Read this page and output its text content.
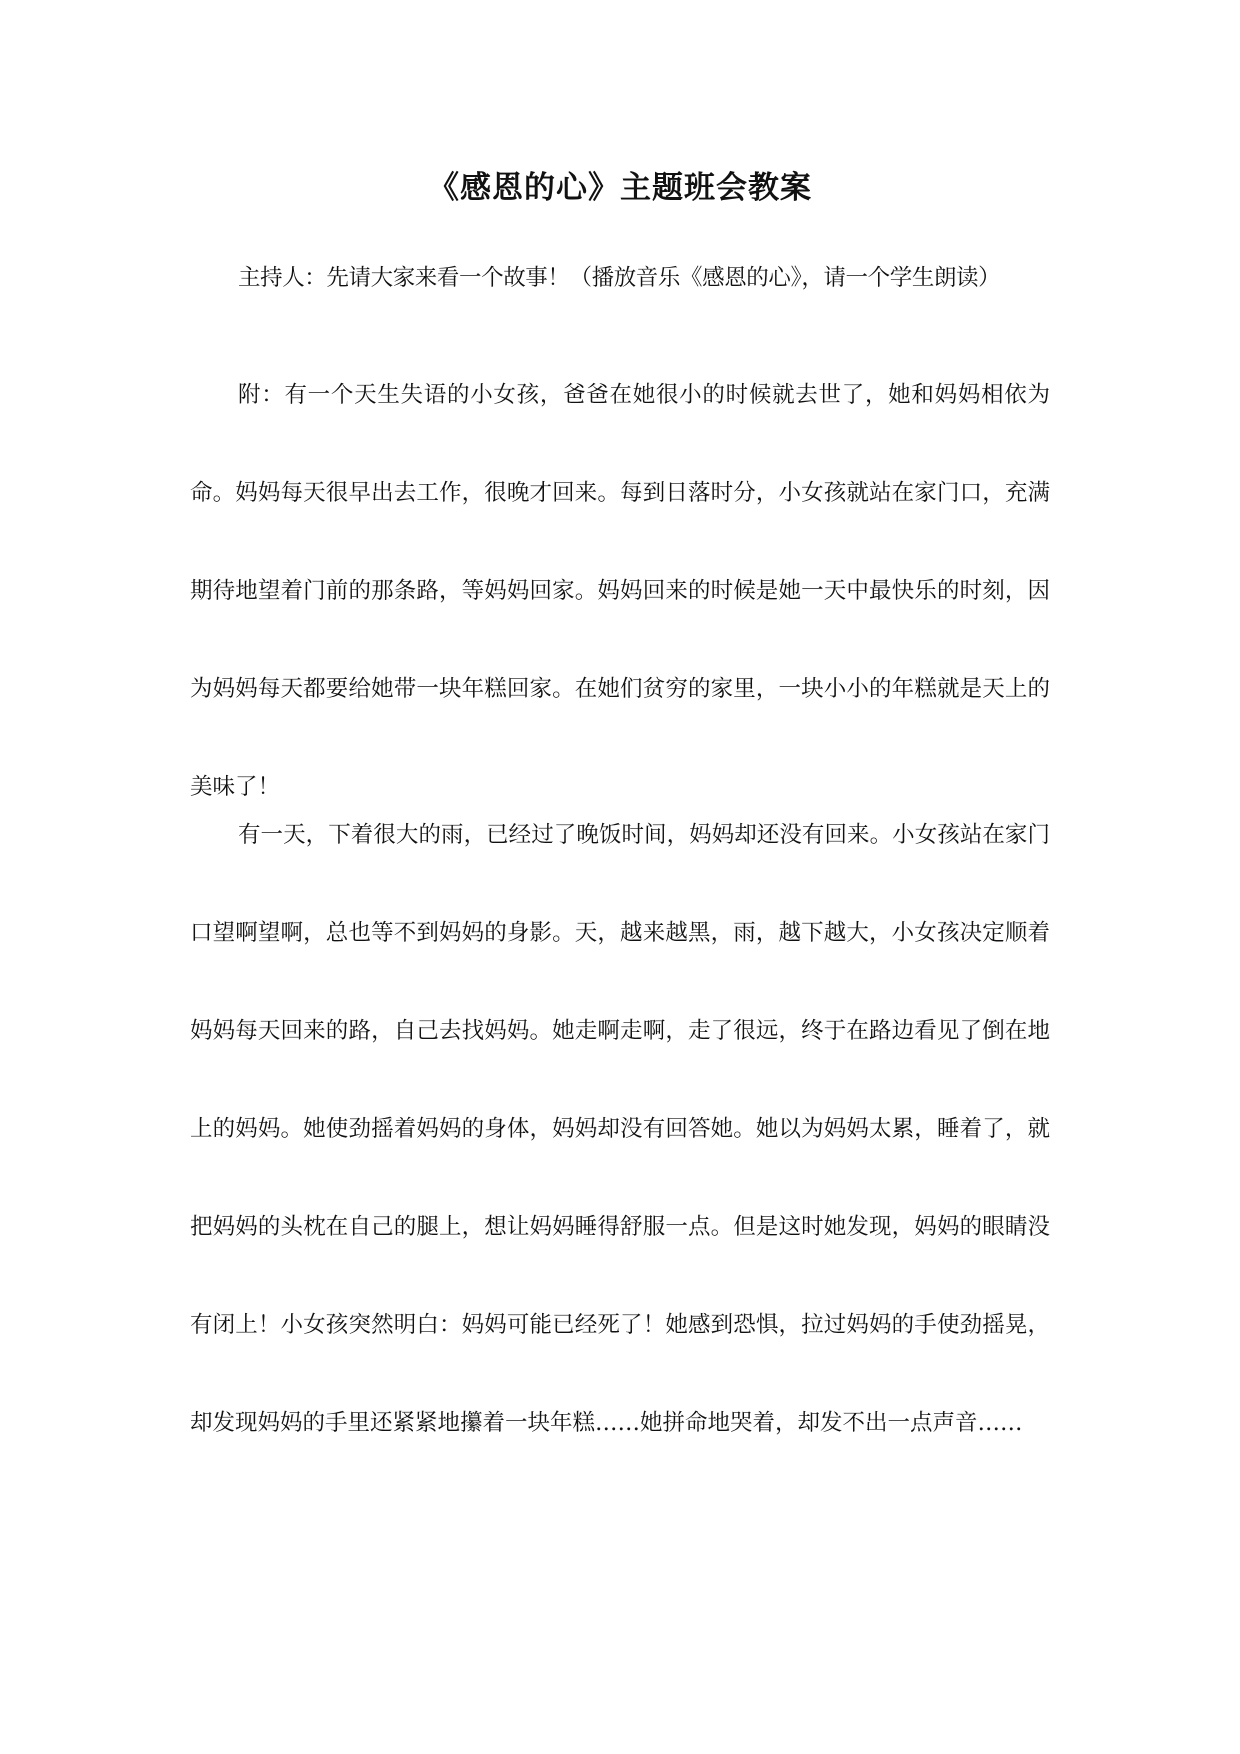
《感恩的心》主题班会教案

主持人：先请大家来看一个故事！（播放音乐《感恩的心》，请一个学生朗读）

附：有一个天生失语的小女孩，爸爸在她很小的时候就去世了，她和妈妈相依为命。妈妈每天很早出去工作，很晚才回来。每到日落时分，小女孩就站在家门口，充满期待地望着门前的那条路，等妈妈回家。妈妈回来的时候是她一天中最快乐的时刻，因为妈妈每天都要给她带一块年糕回家。在她们贫穷的家里，一块小小的年糕就是天上的美味了！

有一天，下着很大的雨，已经过了晚饭时间，妈妈却还没有回来。小女孩站在家门口望啊望啊，总也等不到妈妈的身影。天，越来越黑，雨，越下越大，小女孩决定顺着妈妈每天回来的路，自己去找妈妈。她走啊走啊，走了很远，终于在路边看见了倒在地上的妈妈。她使劲摇着妈妈的身体，妈妈却没有回答她。她以为妈妈太累，睡着了，就把妈妈的头枕在自己的腿上，想让妈妈睡得舒服一点。但是这时她发现，妈妈的眼睛没有闭上！小女孩突然明白：妈妈可能已经死了！她感到恐惧，拉过妈妈的手使劲摇晃，却发现妈妈的手里还紧紧地攥着一块年糕……她拼命地哭着，却发不出一点声音……
